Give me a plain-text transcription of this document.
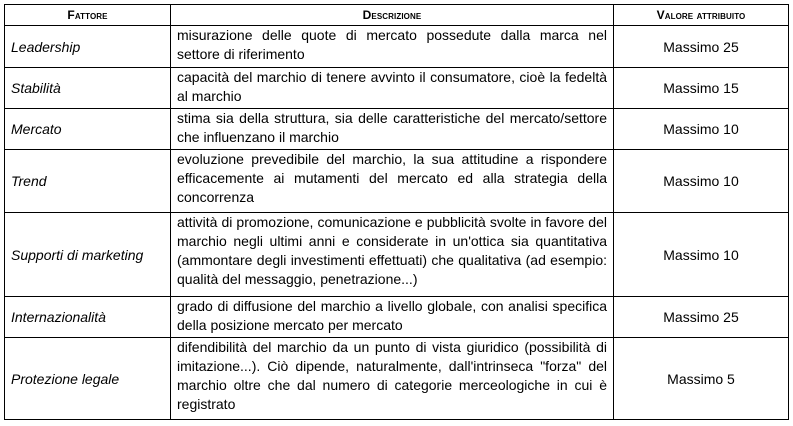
Fattore	Descrizione	Valore attribuito
Leadership	misurazione delle quote di mercato possedute dalla marca nel settore di riferimento	Massimo 25
Stabilità	capacità del marchio di tenere avvinto il consumatore, cioè la fedeltà al marchio	Massimo 15
Mercato	stima sia della struttura, sia delle caratteristiche del mercato/settore che influenzano il marchio	Massimo 10
Trend	evoluzione prevedibile del marchio, la sua attitudine a rispondere efficacemente ai mutamenti del mercato ed alla strategia della concorrenza	Massimo 10
Supporti di marketing	attività di promozione, comunicazione e pubblicità svolte in favore del marchio negli ultimi anni e considerate in un'ottica sia quantitativa (ammontare degli investimenti effettuati) che qualitativa (ad esempio: qualità del messaggio, penetrazione...)	Massimo 10
Internazionalità	grado di diffusione del marchio a livello globale, con analisi specifica della posizione mercato per mercato	Massimo 25
Protezione legale	difendibilità del marchio da un punto di vista giuridico (possibilità di imitazione...). Ciò dipende, naturalmente, dall'intrinseca "forza" del marchio oltre che dal numero di categorie merceologiche in cui è registrato	Massimo 5
